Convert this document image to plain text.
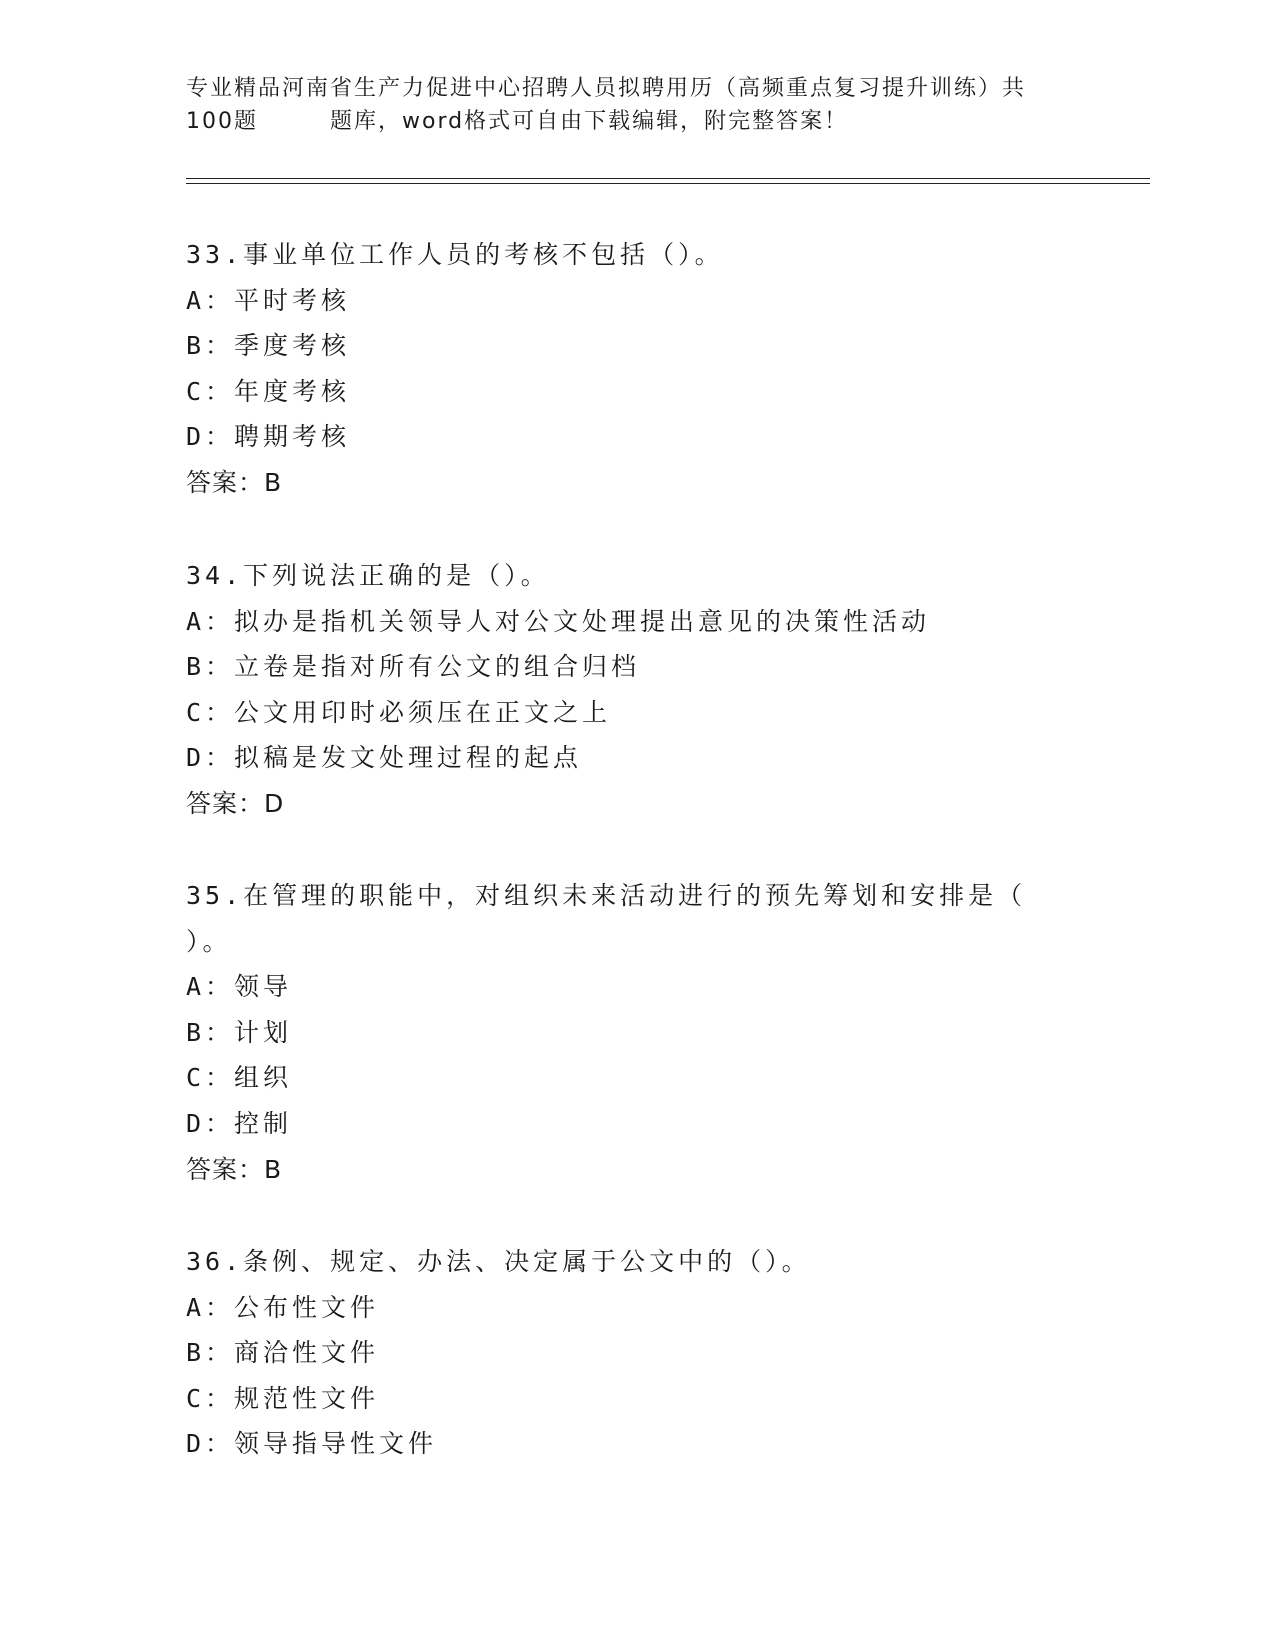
专业精品河南省生产力促进中心招聘人员拟聘用历（高频重点复习提升训练）共
100题	题库，word格式可自由下载编辑，附完整答案！

33.事业单位工作人员的考核不包括（）。

A：平时考核

B：季度考核

C：年度考核

D：聘期考核

答案：B

34.下列说法正确的是（）。

A：拟办是指机关领导人对公文处理提出意见的决策性活动

B：立卷是指对所有公文的组合归档

C：公文用印时必须压在正文之上

D：拟稿是发文处理过程的起点

答案：D

35.在管理的职能中，对组织未来活动进行的预先筹划和安排是（

）。

A：领导

B：计划

C：组织

D：控制

答案：B

36.条例、规定、办法、决定属于公文中的（）。

A：公布性文件

B：商洽性文件

C：规范性文件

D：领导指导性文件
